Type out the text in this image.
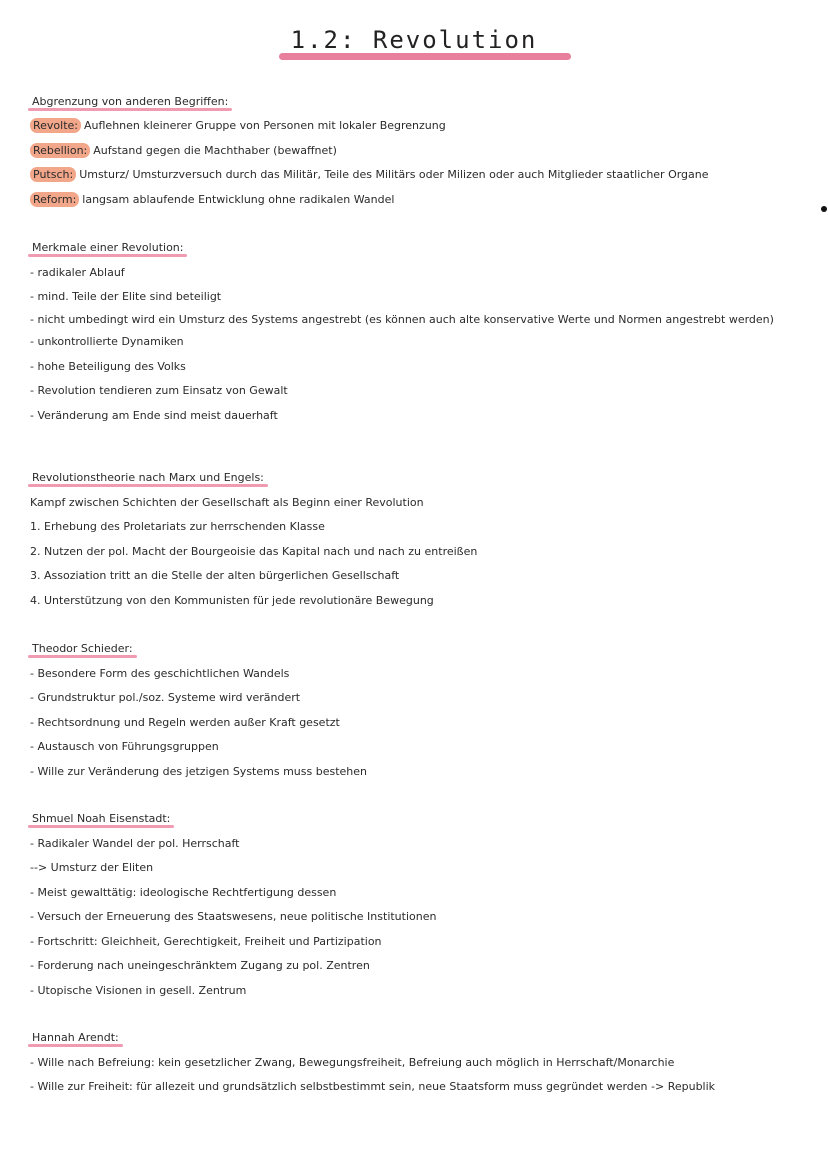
1.2: Revolution
Abgrenzung von anderen Begriffen:
Revolte: Auflehnen kleinerer Gruppe von Personen mit lokaler Begrenzung
Rebellion: Aufstand gegen die Machthaber (bewaffnet)
Putsch: Umsturz/ Umsturzversuch durch das Militär, Teile des Militärs oder Milizen oder auch Mitglieder staatlicher Organe
Reform: langsam ablaufende Entwicklung ohne radikalen Wandel
Merkmale einer Revolution:
- radikaler Ablauf
- mind. Teile der Elite sind beteiligt
- nicht umbedingt wird ein Umsturz des Systems angestrebt (es können auch alte konservative Werte und Normen angestrebt werden)
- unkontrollierte Dynamiken
- hohe Beteiligung des Volks
- Revolution tendieren zum Einsatz von Gewalt
- Veränderung am Ende sind meist dauerhaft
Revolutionstheorie nach Marx und Engels:
Kampf zwischen Schichten der Gesellschaft als Beginn einer Revolution
1. Erhebung des Proletariats zur herrschenden Klasse
2. Nutzen der pol. Macht der Bourgeoisie das Kapital nach und nach zu entreißen
3. Assoziation tritt an die Stelle der alten bürgerlichen Gesellschaft
4. Unterstützung von den Kommunisten für jede revolutionäre Bewegung
Theodor Schieder:
- Besondere Form des geschichtlichen Wandels
- Grundstruktur pol./soz. Systeme wird verändert
- Rechtsordnung und Regeln werden außer Kraft gesetzt
- Austausch von Führungsgruppen
- Wille zur Veränderung des jetzigen Systems muss bestehen
Shmuel Noah Eisenstadt:
- Radikaler Wandel der pol. Herrschaft
--> Umsturz der Eliten
- Meist gewalttätig: ideologische Rechtfertigung dessen
- Versuch der Erneuerung des Staatswesens, neue politische Institutionen
- Fortschritt: Gleichheit, Gerechtigkeit, Freiheit und Partizipation
- Forderung nach uneingeschränktem Zugang zu pol. Zentren
- Utopische Visionen in gesell. Zentrum
Hannah Arendt:
- Wille nach Befreiung: kein gesetzlicher Zwang, Bewegungsfreiheit, Befreiung auch möglich in Herrschaft/Monarchie
- Wille zur Freiheit: für allezeit und grundsätzlich selbstbestimmt sein, neue Staatsform muss gegründet werden -> Republik
